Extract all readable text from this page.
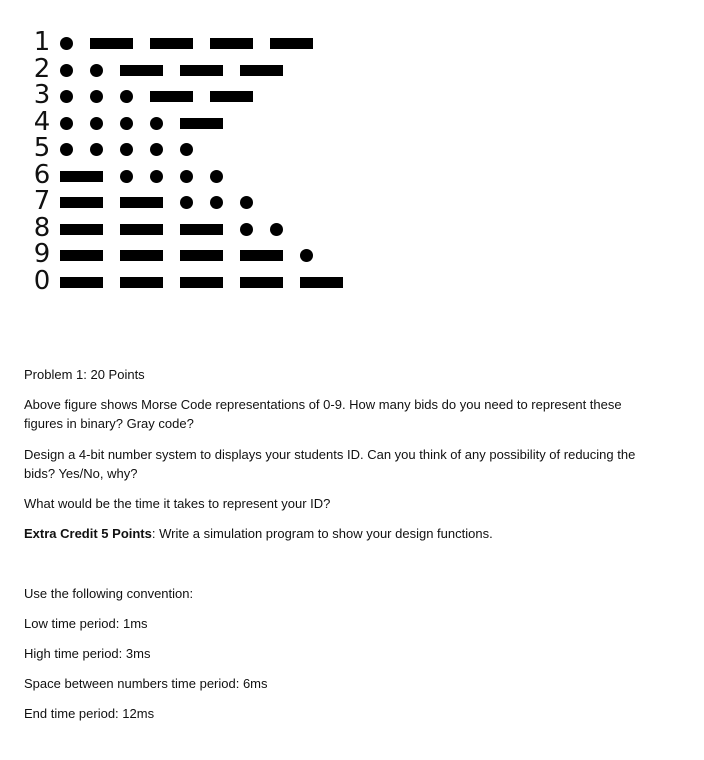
1
2
3
4
5
6
7
8
9
0

Problem 1: 20 Points

Above figure shows Morse Code representations of 0-9. How many bids do you need to represent these figures in binary? Gray code?

Design a 4-bit number system to displays your students ID. Can you think of any possibility of reducing the bids? Yes/No, why?

What would be the time it takes to represent your ID?

Extra Credit 5 Points: Write a simulation program to show your design functions.

Use the following convention:

Low time period: 1ms

High time period: 3ms

Space between numbers time period: 6ms

End time period: 12ms
